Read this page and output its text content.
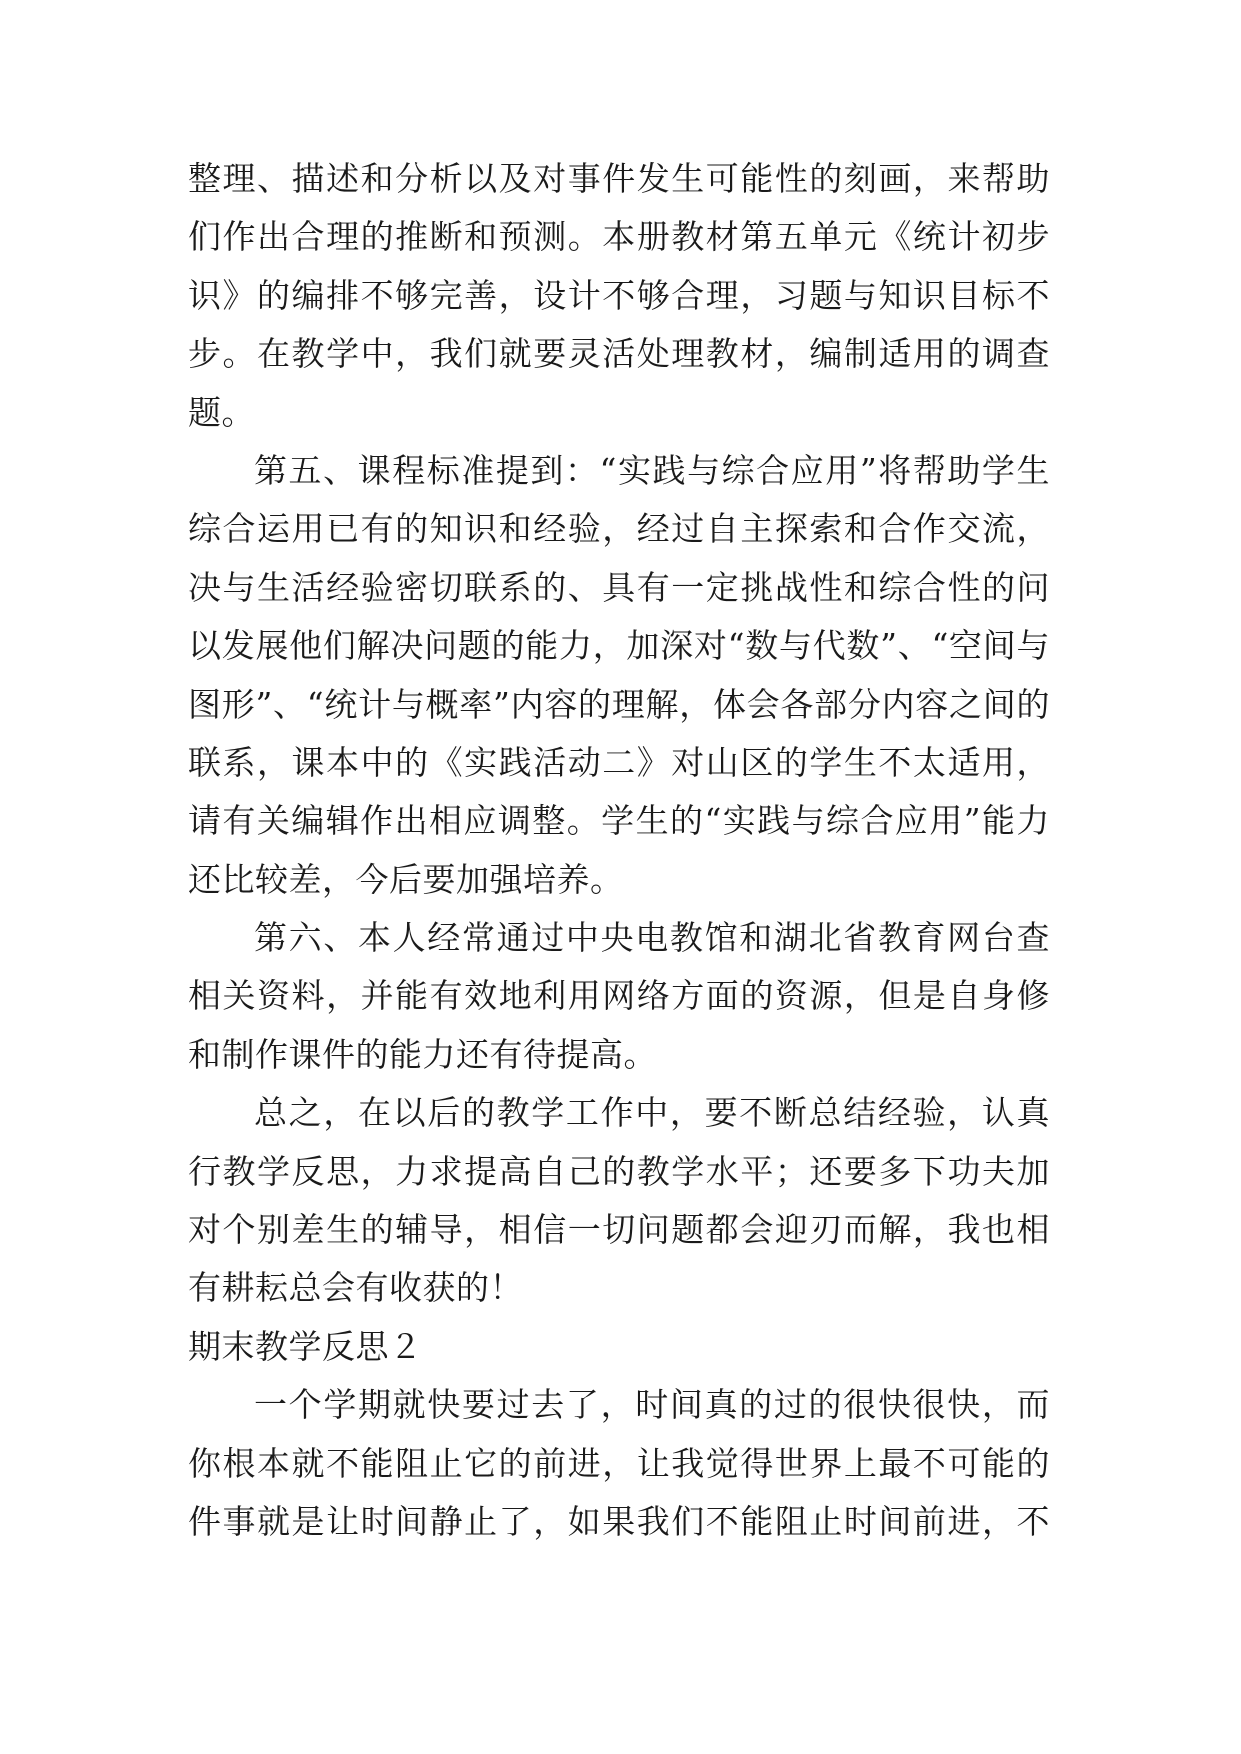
整理、描述和分析以及对事件发生可能性的刻画，来帮助
们作出合理的推断和预测。本册教材第五单元《统计初步
识》的编排不够完善，设计不够合理，习题与知识目标不
步。在教学中，我们就要灵活处理教材，编制适用的调查
题。
第五、课程标准提到：“实践与综合应用”将帮助学生
综合运用已有的知识和经验，经过自主探索和合作交流，
决与生活经验密切联系的、具有一定挑战性和综合性的问
以发展他们解决问题的能力，加深对“数与代数”、“空间与
图形”、“统计与概率”内容的理解，体会各部分内容之间的
联系，课本中的《实践活动二》对山区的学生不太适用，
请有关编辑作出相应调整。学生的“实践与综合应用”能力
还比较差，今后要加强培养。
第六、本人经常通过中央电教馆和湖北省教育网台查
相关资料，并能有效地利用网络方面的资源，但是自身修
和制作课件的能力还有待提高。
总之，在以后的教学工作中，要不断总结经验，认真
行教学反思，力求提高自己的教学水平；还要多下功夫加
对个别差生的辅导，相信一切问题都会迎刃而解，我也相
有耕耘总会有收获的！
期末教学反思２
一个学期就快要过去了，时间真的过的很快很快，而
你根本就不能阻止它的前进，让我觉得世界上最不可能的
件事就是让时间静止了，如果我们不能阻止时间前进，不
